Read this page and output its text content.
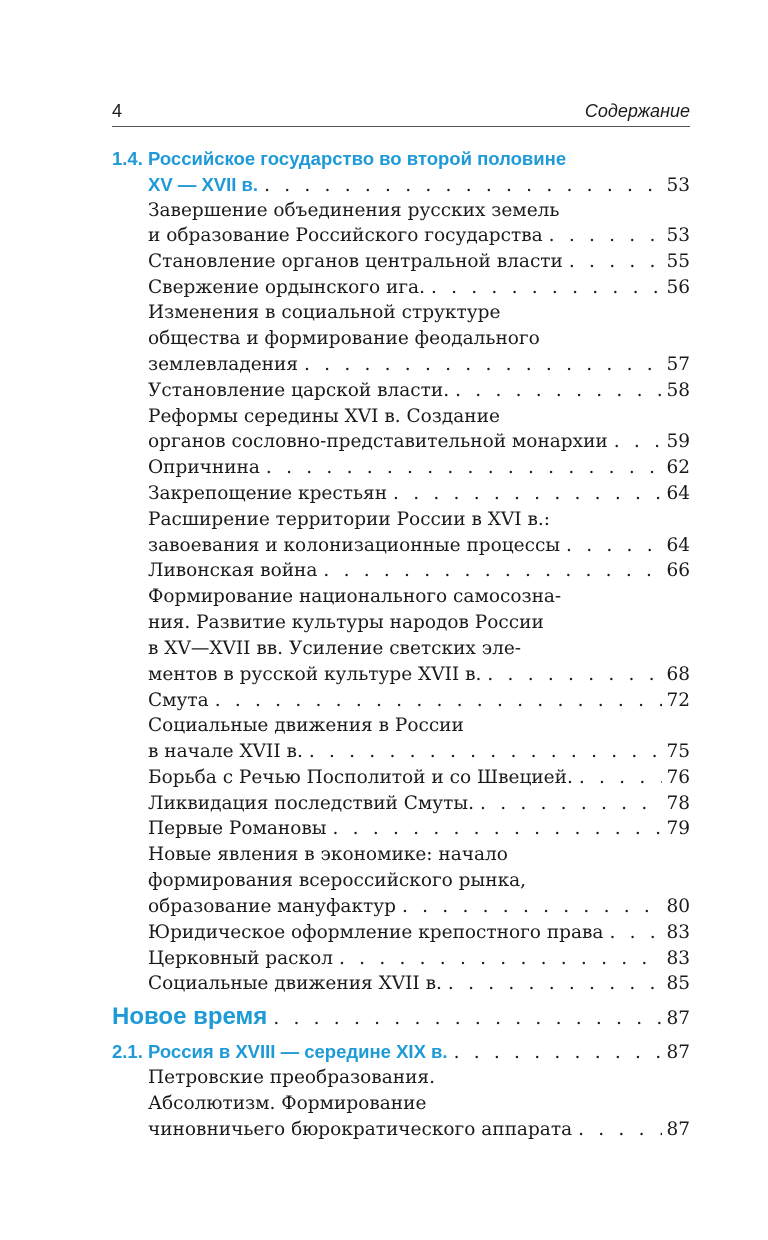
4	Содержание
1.4. Российское государство во второй половине
XV — XVII в. . . .	53
Завершение объединения русских земель
и образование Российского государства . . .	53
Становление органов центральной власти . . .	55
Свержение ордынского ига. . . .	56
Изменения в социальной структуре
общества и формирование феодального
землевладения . . .	57
Установление царской власти. . . .	58
Реформы середины XVI в. Создание
органов сословно-представительной монархии . . .	59
Опричнина . . .	62
Закрепощение крестьян . . .	64
Расширение территории России в XVI в.:
завоевания и колонизационные процессы . . .	64
Ливонская война . . .	66
Формирование национального самосозна-
ния. Развитие культуры народов России
в XV—XVII вв. Усиление светских эле-
ментов в русской культуре XVII в. . . .	68
Смута . . .	72
Социальные движения в России
в начале XVII в. . . .	75
Борьба с Речью Посполитой и со Швецией. . . .	76
Ликвидация последствий Смуты. . . .	78
Первые Романовы . . .	79
Новые явления в экономике: начало
формирования всероссийского рынка,
образование мануфактур . . .	80
Юридическое оформление крепостного права . . .	83
Церковный раскол . . .	83
Социальные движения XVII в. . . .	85
Новое время . . .	87
2.1. Россия в XVIII — середине XIX в. . . .	87
Петровские преобразования.
Абсолютизм. Формирование
чиновничьего бюрократического аппарата . . .	87
